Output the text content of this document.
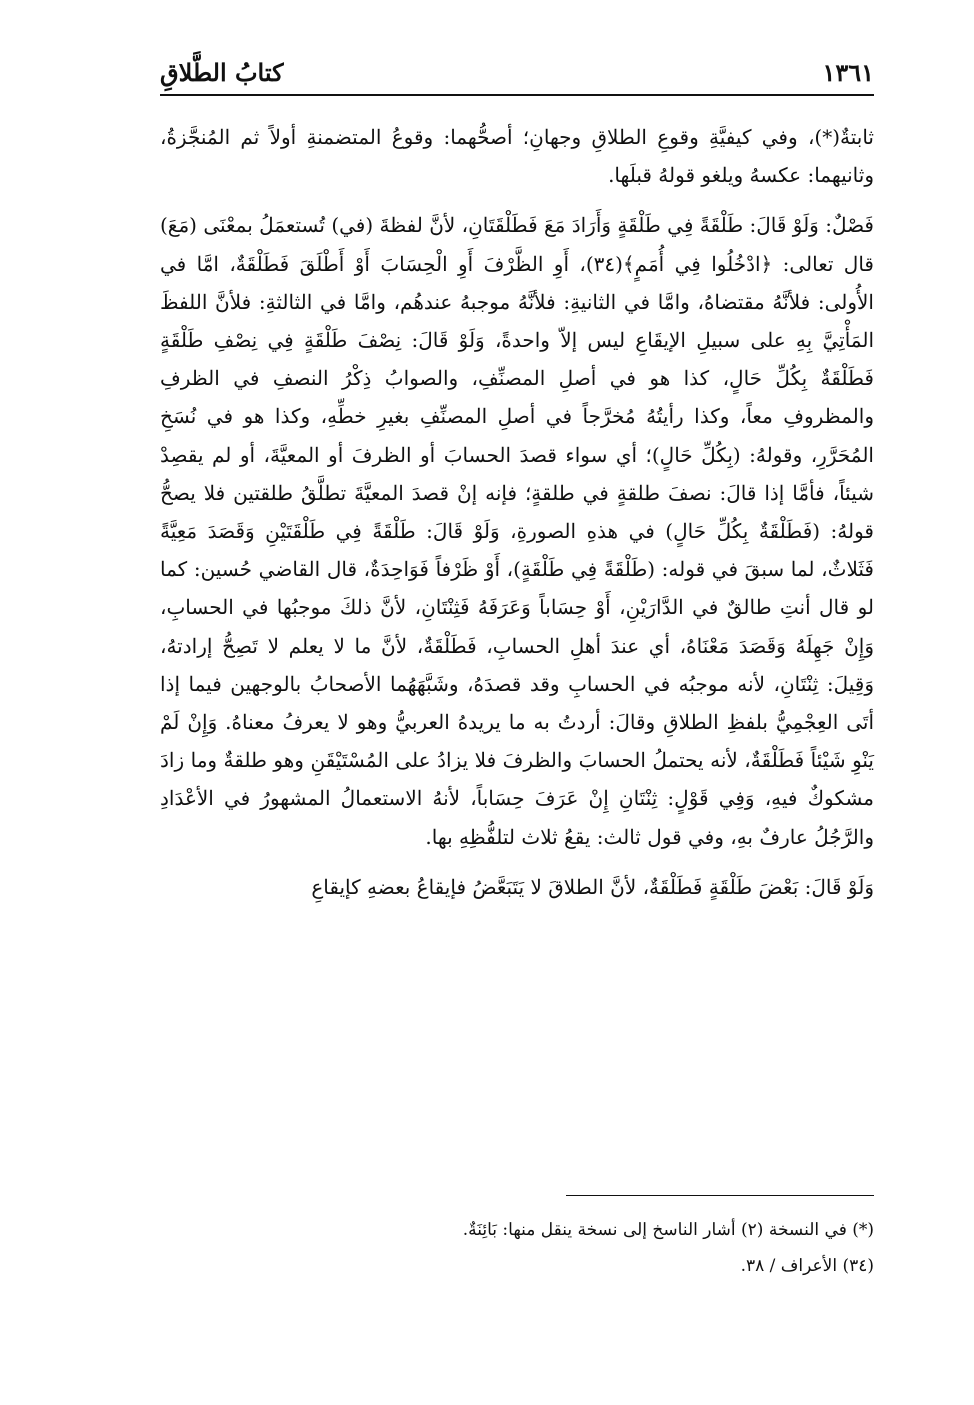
١٣٦١
كتابُ الطَّلاقِ

ثابتةٌ(*)، وفي كيفيَّةِ وقوعِ الطلاقِ وجهانِ؛ أصحُّهما: وقوعُ المتضمنةِ أولاً ثم المُنجَّزةُ، وثانيهما: عكسهُ ويلغو قولهُ قبلَها.

فَصْلٌ: وَلَوْ قَالَ: طَلْقَةً فِي طَلْقَةٍ وَأَرَادَ مَعَ فَطَلْقَتَانِ، لأنَّ لفظةَ (في) تُستعمَلُ بمعْنَى (مَعَ) قال تعالى: ﴿ادْخُلُوا فِي أُمَمٍ﴾(٣٤)، أَوِ الظَّرْفَ أَوِ الْحِسَابَ أَوْ أَطْلَقَ فَطَلْقَةٌ، امَّا في الأُولى: فلأنَّهُ مقتضاهُ، وامَّا في الثانيةِ: فلأنَّهُ موجبهُ عندهُم، وامَّا في الثالثةِ: فلأنَّ اللفظَ المَأْتِيَّ بِهِ على سبيلِ الإيقَاعِ ليس إلاّ واحدةً، وَلَوْ قَالَ: نِصْفَ طَلْقَةٍ فِي نِصْفِ طَلْقَةٍ فَطَلْقَةٌ بِكُلِّ حَالٍ، كذا هو في أصلِ المصنِّفِ، والصوابُ ذِكْرُ النصفِ في الظرفِ والمظروفِ معاً، وكذا رأيتُهُ مُخرَّجاً في أصلِ المصنِّفِ بغيرِ خطِّهِ، وكذا هو في نُسَخِ المُحَرَّرِ، وقولهُ: (بِكُلِّ حَالٍ)؛ أي سواء قصدَ الحسابَ أو الظرفَ أو المعيَّةَ، أو لم يقصِدْ شيئاً، فأمَّا إذا قالَ: نصفَ طلقةٍ في طلقةٍ؛ فإنه إنْ قصدَ المعيَّةَ تطلَّقُ طلقتين فلا يصحُّ قولهُ: (فَطَلْقَةٌ بِكُلِّ حَالٍ) في هذهِ الصورةِ، وَلَوْ قَالَ: طَلْقَةً فِي طَلْقَتَيْنِ وَقَصَدَ مَعِيَّةً فَثَلاثٌ، لما سبقَ في قوله: (طَلْقَةً فِي طَلْقَةٍ)، أَوْ ظَرْفاً فَوَاحِدَةٌ، قال القاضي حُسين: كما لو قال أنتِ طالقٌ في الدَّارَيْنِ، أَوْ حِسَاباً وَعَرَفَهُ فَثِنْتَانِ، لأنَّ ذلكَ موجبُها في الحسابِ، وَإِنْ جَهِلَهُ وَقَصَدَ مَعْنَاهُ، أي عندَ أهلِ الحسابِ، فَطَلْقَةٌ، لأنَّ ما لا يعلم لا تَصِحُّ إرادتهُ، وَقِيلَ: ثِنْتَانِ، لأنه موجبُه في الحسابِ وقد قصدَهُ، وشَبَّهَهُما الأصحابُ بالوجهين فيما إذا أتَى العِجْمِيُّ بلفظِ الطلاقِ وقالَ: أردتُ به ما يريدهُ العربيُّ وهو لا يعرفُ معناهُ. وَإِنْ لَمْ يَنْوِ شَيْئاً فَطَلْقَةٌ، لأنه يحتملُ الحسابَ والظرفَ فلا يزادُ على المُسْتَيْقَنِ وهو طلقةٌ وما زادَ مشكوكٌ فيهِ، وَفِي قَوْلٍ: ثِنْتَانِ إِنْ عَرَفَ حِسَاباً، لأنهُ الاستعمالُ المشهورُ في الأعْدَادِ والرَّجُلُ عارفٌ بهِ، وفي قول ثالث: يقعُ ثلاث لتلفُّظِهِ بها.

وَلَوْ قَالَ: بَعْضَ طَلْقَةٍ فَطَلْقَةٌ، لأنَّ الطلاقَ لا يَتَبَعَّضُ فإيقاعُ بعضهِ كإيقاعِ

(*) في النسخة (٢) أشار الناسخ إلى نسخة ينقل منها: بَائِنَةٌ.

(٣٤) الأعراف / ٣٨.
